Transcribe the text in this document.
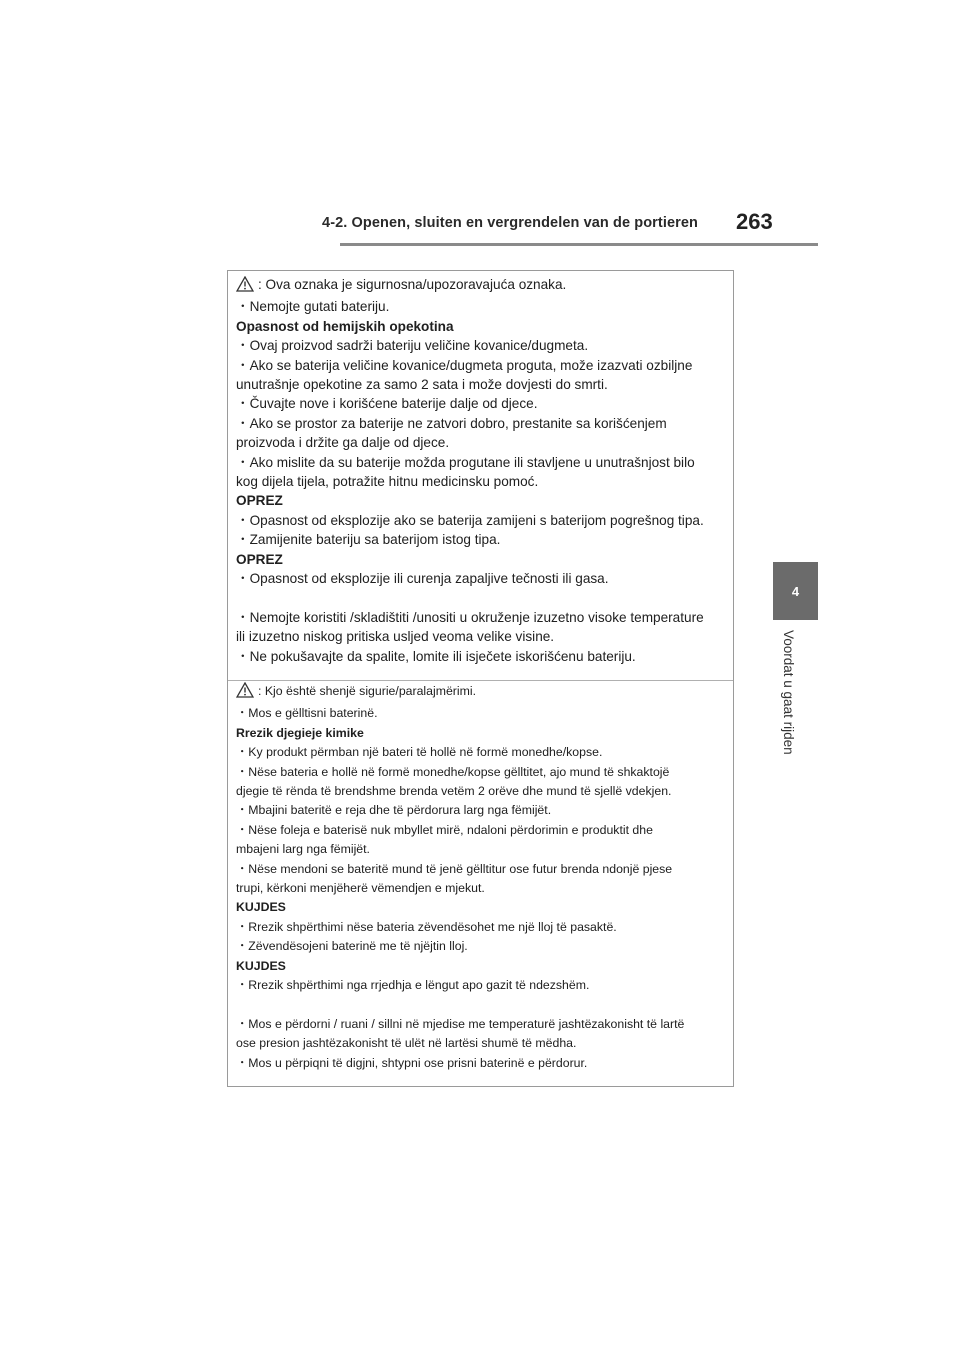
4-2. Openen, sluiten en vergrendelen van de portieren 263
4
Voordat u gaat rijden

: Ova oznaka je sigurnosna/upozoravajuća oznaka.

・Nemojte gutati bateriju.

Opasnost od hemijskih opekotina

・Ovaj proizvod sadrži bateriju veličine kovanice/dugmeta.

・Ako se baterija veličine kovanice/dugmeta proguta, može izazvati ozbiljne

unutrašnje opekotine za samo 2 sata i može dovjesti do smrti.

・Čuvajte nove i korišćene baterije dalje od djece.

・Ako se prostor za baterije ne zatvori dobro, prestanite sa korišćenjem

proizvoda i držite ga dalje od djece.

・Ako mislite da su baterije možda progutane ili stavljene u unutrašnjost bilo

kog dijela tijela, potražite hitnu medicinsku pomoć.

OPREZ

・Opasnost od eksplozije ako se baterija zamijeni s baterijom pogrešnog tipa.

・Zamijenite bateriju sa baterijom istog tipa.

OPREZ

・Opasnost od eksplozije ili curenja zapaljive tečnosti ili gasa.

・Nemojte koristiti /skladištiti /unositi u okruženje izuzetno visoke temperature

ili izuzetno niskog pritiska usljed veoma velike visine.

・Ne pokušavajte da spalite, lomite ili isječete iskorišćenu bateriju.

: Kjo është shenjë sigurie/paralajmërimi.

・Mos e gëlltisni baterinë.

Rrezik djegieje kimike

・Ky produkt përmban një bateri të hollë në formë monedhe/kopse.

・Nëse bateria e hollë në formë monedhe/kopse gëlltitet, ajo mund të shkaktojë

djegie të rënda të brendshme brenda vetëm 2 orëve dhe mund të sjellë vdekjen.

・Mbajini bateritë e reja dhe të përdorura larg nga fëmijët.

・Nëse foleja e baterisë nuk mbyllet mirë, ndaloni përdorimin e produktit dhe

mbajeni larg nga fëmijët.

・Nëse mendoni se bateritë mund të jenë gëlltitur ose futur brenda ndonjë pjese

trupi, kërkoni menjëherë vëmendjen e mjekut.

KUJDES

・Rrezik shpërthimi nëse bateria zëvendësohet me një lloj të pasaktë.

・Zëvendësojeni baterinë me të njëjtin lloj.

KUJDES

・Rrezik shpërthimi nga rrjedhja e lëngut apo gazit të ndezshëm.

・Mos e përdorni / ruani / sillni në mjedise me temperaturë jashtëzakonisht të lartë

ose presion jashtëzakonisht të ulët në lartësi shumë të mëdha.

・Mos u përpiqni të digjni, shtypni ose prisni baterinë e përdorur.
